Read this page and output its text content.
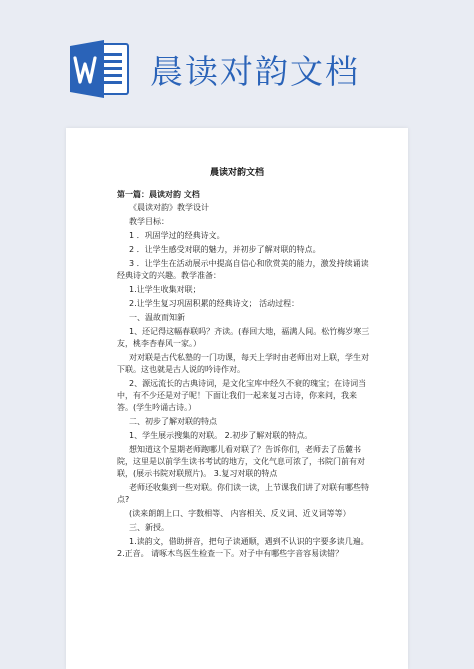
晨读对韵文档
晨读对韵文档

第一篇：晨读对韵 文档

《晨读对韵》教学设计

教学目标：

1 ．巩固学过的经典诗文。

2 ．让学生感受对联的魅力，并初步了解对联的特点。

3 ．让学生在活动展示中提高自信心和欣赏美的能力，激发持续诵读经典诗文的兴趣。教学准备：

1.让学生收集对联；

2.让学生复习巩固积累的经典诗文； 活动过程：

一、温故而知新

1、还记得这幅春联吗？齐读。(春回大地，福满人间。松竹梅岁寒三友，桃李杏春风一家。）

对对联是古代私塾的一门功课，每天上学时由老师出对上联，学生对下联。这也就是古人说的吟诗作对。

2、源远流长的古典诗词，是文化宝库中经久不衰的瑰宝；在诗词当中，有不少还是对子呢！下面让我们一起来复习古诗，你来问，我来答。(学生吟诵古诗。）

二、初步了解对联的特点

1、学生展示搜集的对联。 2.初步了解对联的特点。

想知道这个星期老师跑哪儿看对联了？告诉你们，老师去了岳麓书院，这里是以前学生读书考试的地方，文化气息可浓了，书院门前有对联，(展示书院对联照片)。 3.复习对联的特点

老师还收集到一些对联。你们读一读，上节课我们讲了对联有哪些特点?

(读来朗朗上口、字数相等、 内容相关、反义词、近义词等等）

三、新授。

1.读韵文，借助拼音，把句子读通顺，遇到不认识的字要多读几遍。 2.正音。 请啄木鸟医生检查一下。对子中有哪些字音容易读错？
